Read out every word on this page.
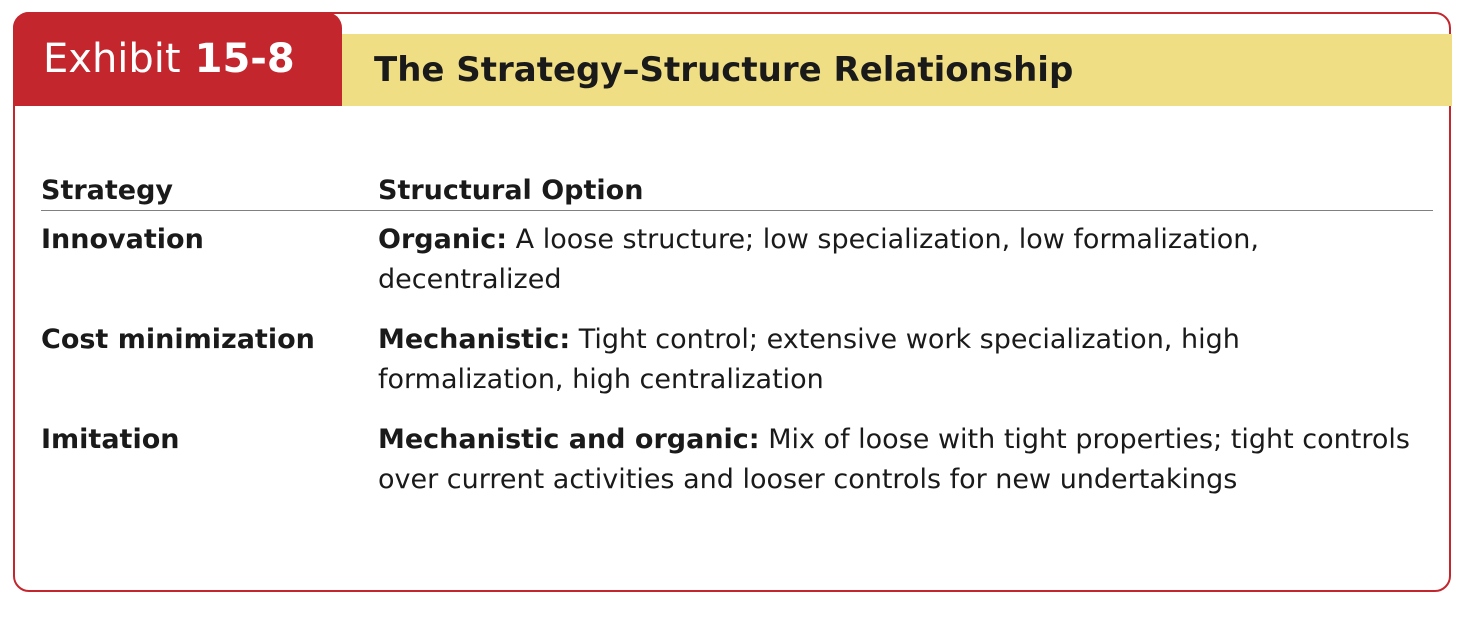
Exhibit 15-8 The Strategy–Structure Relationship
Strategy	Structural Option
Innovation	Organic: A loose structure; low specialization, low formalization, decentralized
Cost minimization	Mechanistic: Tight control; extensive work specialization, high formalization, high centralization
Imitation	Mechanistic and organic: Mix of loose with tight properties; tight controls over current activities and looser controls for new undertakings
